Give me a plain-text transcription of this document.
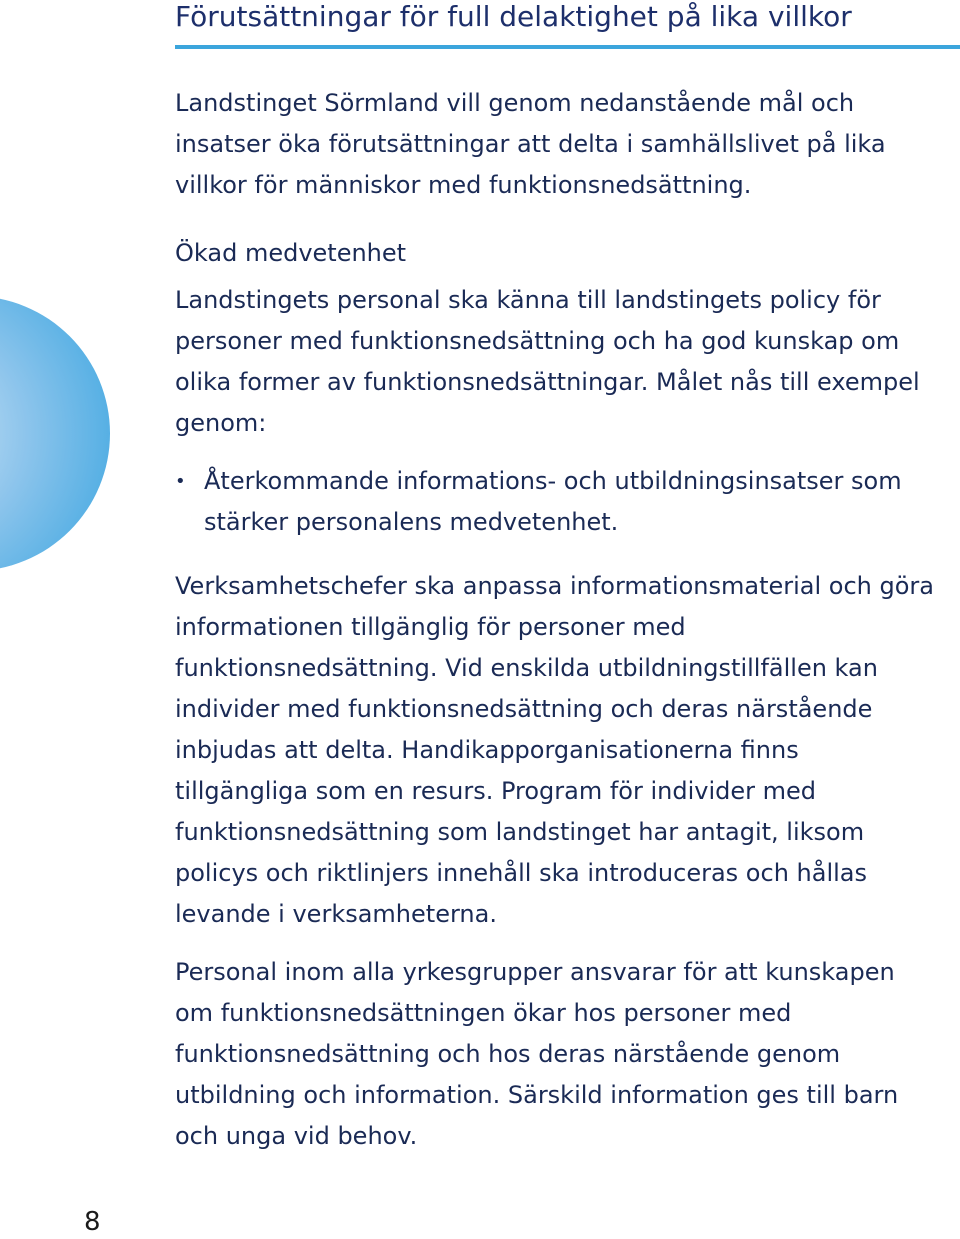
Förutsättningar för full delaktighet på lika villkor

Landstinget Sörmland vill genom nedanstående mål och insatser öka förutsättningar att delta i samhällslivet på lika villkor för människor med funktionsnedsättning.

Ökad medvetenhet

Landstingets personal ska känna till landstingets policy för personer med funktionsnedsättning och ha god kunskap om olika former av funktionsnedsättningar. Målet nås till exempel genom:

• Återkommande informations- och utbildningsinsatser som stärker personalens medvetenhet.

Verksamhetschefer ska anpassa informationsmaterial och göra informationen tillgänglig för personer med funktionsnedsättning. Vid enskilda utbildningstillfällen kan individer med funktionsnedsättning och deras närstående inbjudas att delta. Handikapporganisationerna finns tillgängliga som en resurs. Program för individer med funktionsnedsättning som landstinget har antagit, liksom policys och riktlinjers innehåll ska introduceras och hållas levande i verksamheterna.

Personal inom alla yrkesgrupper ansvarar för att kunskapen om funktionsnedsättningen ökar hos personer med funktionsnedsättning och hos deras närstående genom utbildning och information. Särskild information ges till barn och unga vid behov.

8
